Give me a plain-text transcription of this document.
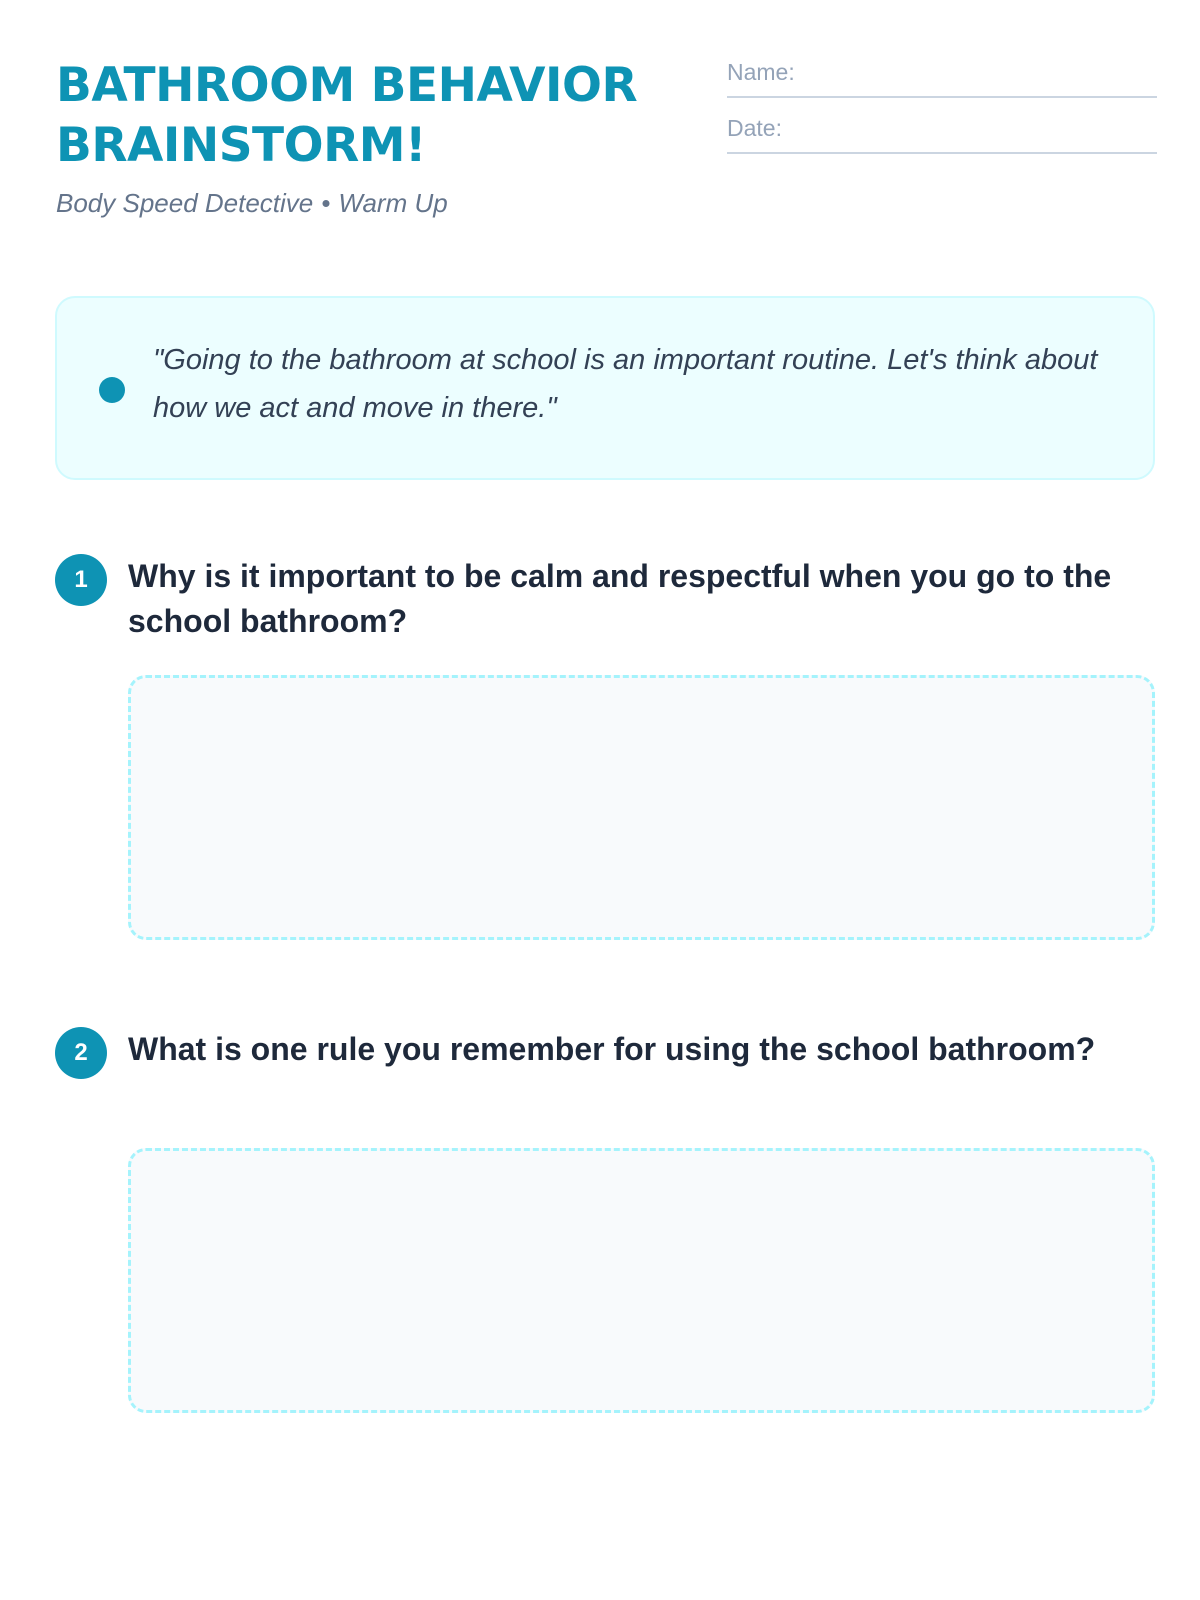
BATHROOM BEHAVIOR
BRAINSTORM!
Body Speed Detective • Warm Up
Name:
Date:
"Going to the bathroom at school is an important routine. Let's think about how we act and move in there."
1	Why is it important to be calm and respectful when you go to the school bathroom?
2	What is one rule you remember for using the school bathroom?
